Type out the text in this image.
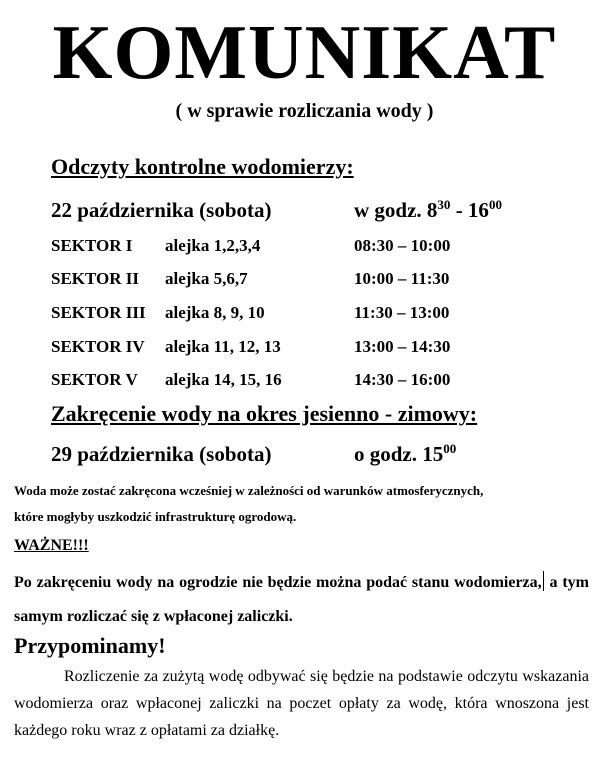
KOMUNIKAT
( w sprawie rozliczania wody )
Odczyty kontrolne wodomierzy:
22 października (sobota)	w godz. $8^{30} - 16^{00}$
SEKTOR I alejka 1,2,3,4	08:30 – 10:00
SEKTOR II alejka 5,6,7	10:00 – 11:30
SEKTOR III alejka 8, 9, 10	11:30 – 13:00
SEKTOR IV alejka 11, 12, 13	13:00 – 14:30
SEKTOR V alejka 14, 15, 16	14:30 – 16:00
Zakręcenie wody na okres jesienno - zimowy:
29 października (sobota)	o godz. $15^{00}$
Woda może zostać zakręcona wcześniej w zależności od warunków atmosferycznych,
które mogłyby uszkodzić infrastrukturę ogrodową.
WAŻNE!!!
Po zakręceniu wody na ogrodzie nie będzie można podać stanu wodomierza, a tym samym rozliczać się z wpłaconej zaliczki.
Przypominamy!
Rozliczenie za zużytą wodę odbywać się będzie na podstawie odczytu wskazania wodomierza oraz wpłaconej zaliczki na poczet opłaty za wodę, która wnoszona jest każdego roku wraz z opłatami za działkę.
